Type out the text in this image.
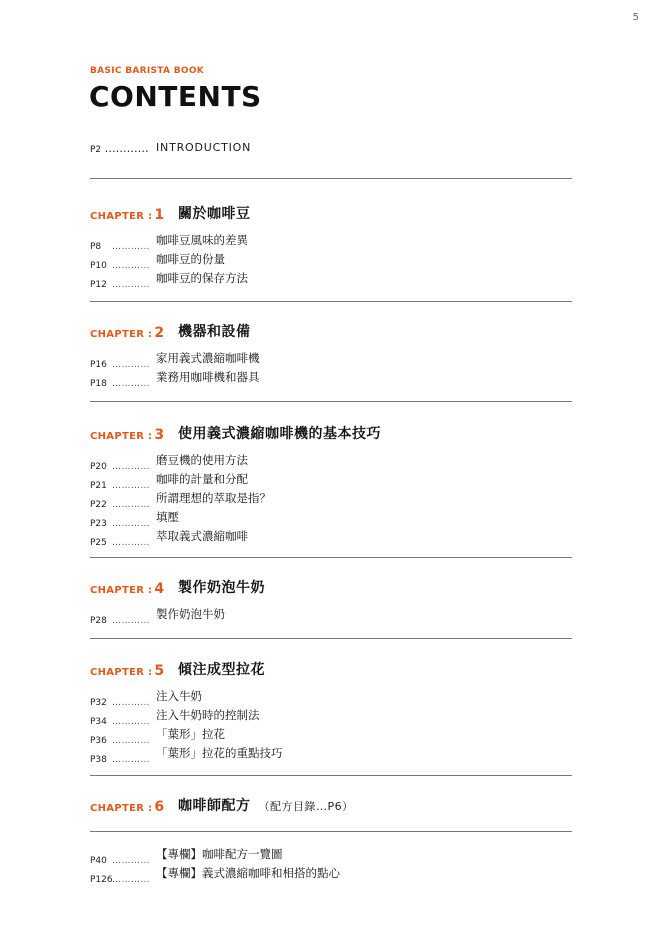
5
BASIC BARISTA BOOK
CONTENTS
P2 ………… INTRODUCTION
CHAPTER : 1 關於咖啡豆
P8 ………… 咖啡豆風味的差異
P10 ………… 咖啡豆的份量
P12 ………… 咖啡豆的保存方法
CHAPTER : 2 機器和設備
P16 ………… 家用義式濃縮咖啡機
P18 ………… 業務用咖啡機和器具
CHAPTER : 3 使用義式濃縮咖啡機的基本技巧
P20 ………… 磨豆機的使用方法
P21 ………… 咖啡的計量和分配
P22 ………… 所謂理想的萃取是指？
P23 ………… 填壓
P25 ………… 萃取義式濃縮咖啡
CHAPTER : 4 製作奶泡牛奶
P28 ………… 製作奶泡牛奶
CHAPTER : 5 傾注成型拉花
P32 ………… 注入牛奶
P34 ………… 注入牛奶時的控制法
P36 ………… 「葉形」拉花
P38 ………… 「葉形」拉花的重點技巧
CHAPTER : 6 咖啡師配方 （配方目錄…P6）
P40 ………… 【專欄】咖啡配方一覽圖
P126………… 【專欄】義式濃縮咖啡和相搭的點心
